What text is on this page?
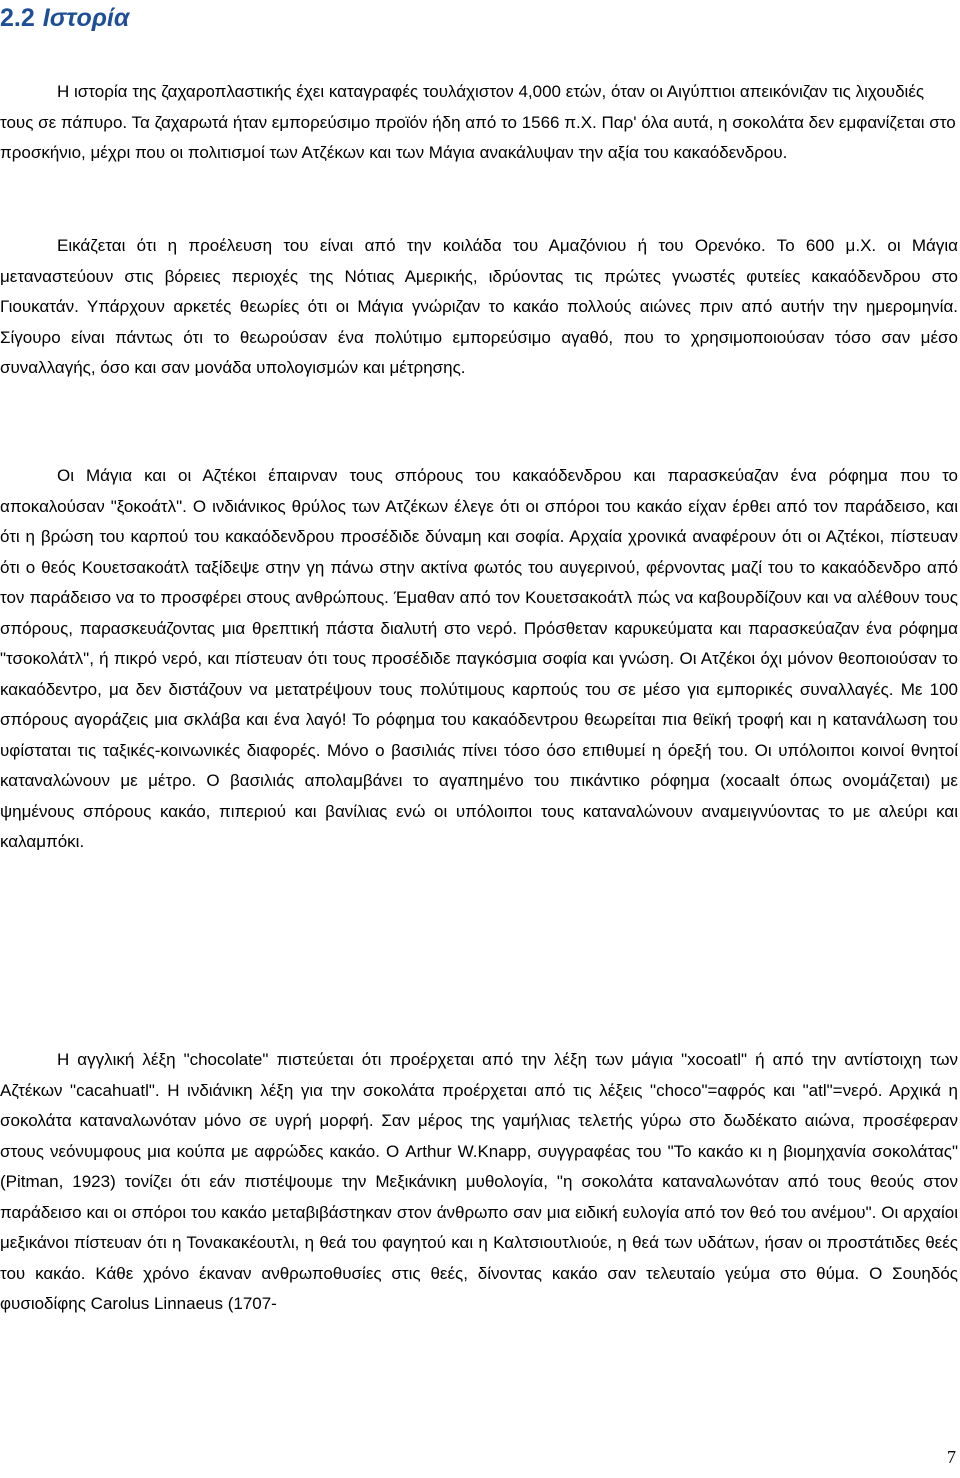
2.2 Ιστορία

Η ιστορία της ζαχαροπλαστικής έχει καταγραφές τουλάχιστον 4,000 ετών, όταν οι Αιγύπτιοι απεικόνιζαν τις λιχουδιές τους σε πάπυρο. Τα ζαχαρωτά ήταν εμπορεύσιμο προϊόν ήδη από το 1566 π.Χ. Παρ' όλα αυτά, η σοκολάτα δεν εμφανίζεται στο προσκήνιο, μέχρι που οι πολιτισμοί των Ατζέκων και των Μάγια ανακάλυψαν την αξία του κακαόδενδρου.

Εικάζεται ότι η προέλευση του είναι από την κοιλάδα του Αμαζόνιου ή του Ορενόκο. Το 600 μ.Χ. οι Μάγια μεταναστεύουν στις βόρειες περιοχές της Νότιας Αμερικής, ιδρύοντας τις πρώτες γνωστές φυτείες κακαόδενδρου στο Γιουκατάν. Υπάρχουν αρκετές θεωρίες ότι οι Μάγια γνώριζαν το κακάο πολλούς αιώνες πριν από αυτήν την ημερομηνία. Σίγουρο είναι πάντως ότι το θεωρούσαν ένα πολύτιμο εμπορεύσιμο αγαθό, που το χρησιμοποιούσαν τόσο σαν μέσο συναλλαγής, όσο και σαν μονάδα υπολογισμών και μέτρησης.

Οι Μάγια και οι Αζτέκοι έπαιρναν τους σπόρους του κακαόδενδρου και παρασκεύαζαν ένα ρόφημα που το αποκαλούσαν "ξοκοάτλ". Ο ινδιάνικος θρύλος των Ατζέκων έλεγε ότι οι σπόροι του κακάο είχαν έρθει από τον παράδεισο, και ότι η βρώση του καρπού του κακαόδενδρου προσέδιδε δύναμη και σοφία. Αρχαία χρονικά αναφέρουν ότι οι Αζτέκοι, πίστευαν ότι ο θεός Κουετσακοάτλ ταξίδεψε στην γη πάνω στην ακτίνα φωτός του αυγερινού, φέρνοντας μαζί του το κακαόδενδρο από τον παράδεισο να το προσφέρει στους ανθρώπους. Έμαθαν από τον Κουετσακοάτλ πώς να καβουρδίζουν και να αλέθουν τους σπόρους, παρασκευάζοντας μια θρεπτική πάστα διαλυτή στο νερό. Πρόσθεταν καρυκεύματα και παρασκεύαζαν ένα ρόφημα "τσοκολάτλ", ή πικρό νερό, και πίστευαν ότι τους προσέδιδε παγκόσμια σοφία και γνώση. Οι Ατζέκοι όχι μόνον θεοποιούσαν το κακαόδεντρο, μα δεν διστάζουν να μετατρέψουν τους πολύτιμους καρπούς του σε μέσο για εμπορικές συναλλαγές. Με 100 σπόρους αγοράζεις μια σκλάβα και ένα λαγό! Το ρόφημα του κακαόδεντρου θεωρείται πια θεϊκή τροφή και η κατανάλωση του υφίσταται τις ταξικές-κοινωνικές διαφορές. Μόνο ο βασιλιάς πίνει τόσο όσο επιθυμεί η όρεξή του. Οι υπόλοιποι κοινοί θνητοί καταναλώνουν με μέτρο. Ο βασιλιάς απολαμβάνει το αγαπημένο του πικάντικο ρόφημα (xocaalt όπως ονομάζεται) με ψημένους σπόρους κακάο, πιπεριού και βανίλιας ενώ οι υπόλοιποι τους καταναλώνουν αναμειγνύοντας το με αλεύρι και καλαμπόκι.

Η αγγλική λέξη "chocolate" πιστεύεται ότι προέρχεται από την λέξη των μάγια "xocoatl" ή από την αντίστοιχη των Αζτέκων "cacahuatl". Η ινδιάνικη λέξη για την σοκολάτα προέρχεται από τις λέξεις "choco"=αφρός και "atl"=νερό. Αρχικά η σοκολάτα καταναλωνόταν μόνο σε υγρή μορφή. Σαν μέρος της γαμήλιας τελετής γύρω στο δωδέκατο αιώνα, προσέφεραν στους νεόνυμφους μια κούπα με αφρώδες κακάο. Ο Arthur W.Knapp, συγγραφέας του "Το κακάο κι η βιομηχανία σοκολάτας" (Pitman, 1923) τονίζει ότι εάν πιστέψουμε την Μεξικάνικη μυθολογία, "η σοκολάτα καταναλωνόταν από τους θεούς στον παράδεισο και οι σπόροι του κακάο μεταβιβάστηκαν στον άνθρωπο σαν μια ειδική ευλογία από τον θεό του ανέμου". Οι αρχαίοι μεξικάνοι πίστευαν ότι η Τονακακέουτλι, η θεά του φαγητού και η Καλτσιουτλιούε, η θεά των υδάτων, ήσαν οι προστάτιδες θεές του κακάο. Κάθε χρόνο έκαναν ανθρωποθυσίες στις θεές, δίνοντας κακάο σαν τελευταίο γεύμα στο θύμα. Ο Σουηδός φυσιοδίφης Carolus Linnaeus (1707-

7
